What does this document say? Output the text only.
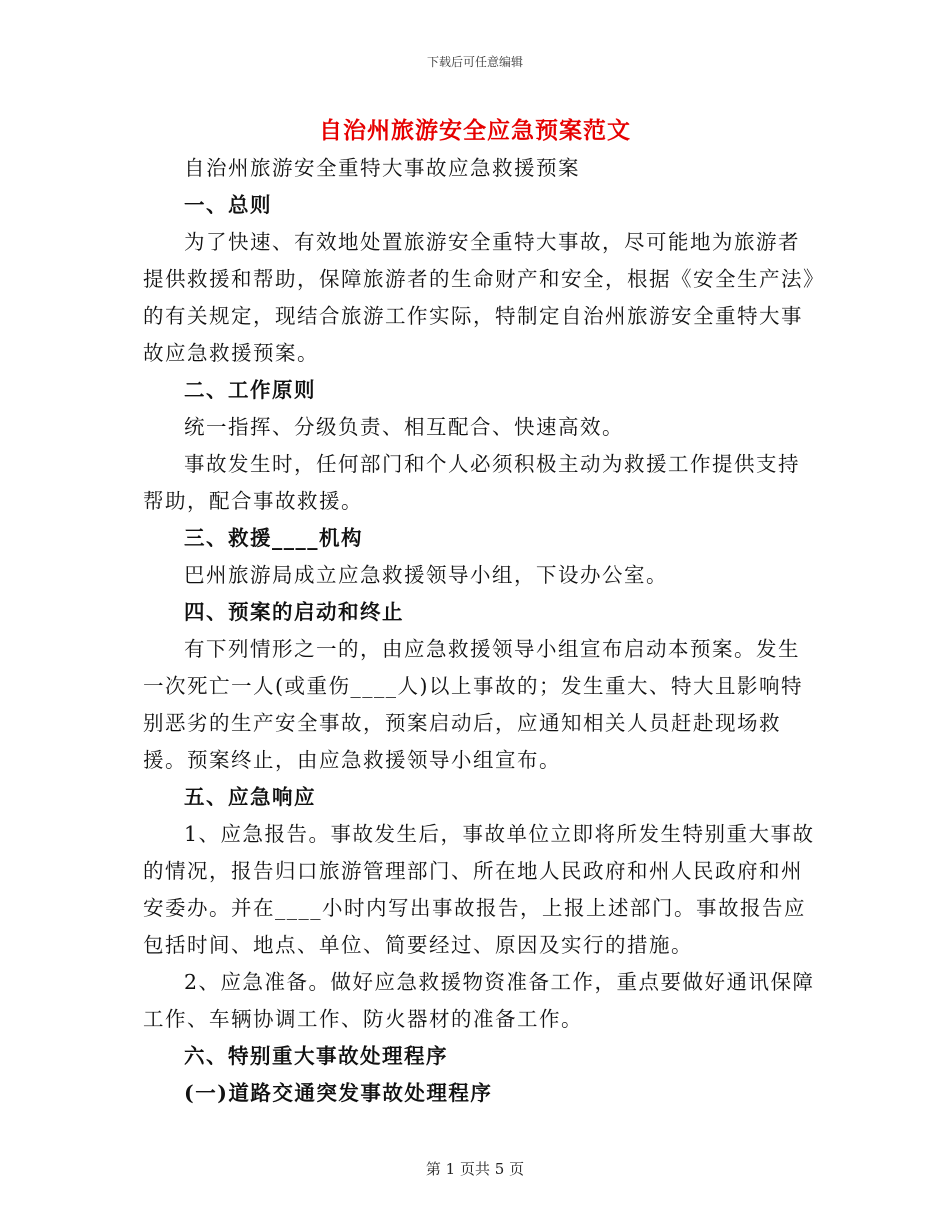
下载后可任意编辑
自治州旅游安全应急预案范文

自治州旅游安全重特大事故应急救援预案

一、总则

为了快速、有效地处置旅游安全重特大事故，尽可能地为旅游者提供救援和帮助，保障旅游者的生命财产和安全，根据《安全生产法》的有关规定，现结合旅游工作实际，特制定自治州旅游安全重特大事故应急救援预案。

二、工作原则

统一指挥、分级负责、相互配合、快速高效。

事故发生时，任何部门和个人必须积极主动为救援工作提供支持帮助，配合事故救援。

三、救援____机构

巴州旅游局成立应急救援领导小组，下设办公室。

四、预案的启动和终止

有下列情形之一的，由应急救援领导小组宣布启动本预案。发生一次死亡一人(或重伤____人)以上事故的；发生重大、特大且影响特别恶劣的生产安全事故，预案启动后，应通知相关人员赶赴现场救援。预案终止，由应急救援领导小组宣布。

五、应急响应

1、应急报告。事故发生后，事故单位立即将所发生特别重大事故的情况，报告归口旅游管理部门、所在地人民政府和州人民政府和州安委办。并在____小时内写出事故报告，上报上述部门。事故报告应包括时间、地点、单位、简要经过、原因及实行的措施。

2、应急准备。做好应急救援物资准备工作，重点要做好通讯保障工作、车辆协调工作、防火器材的准备工作。

六、特别重大事故处理程序

(一)道路交通突发事故处理程序

第 1 页共 5 页
